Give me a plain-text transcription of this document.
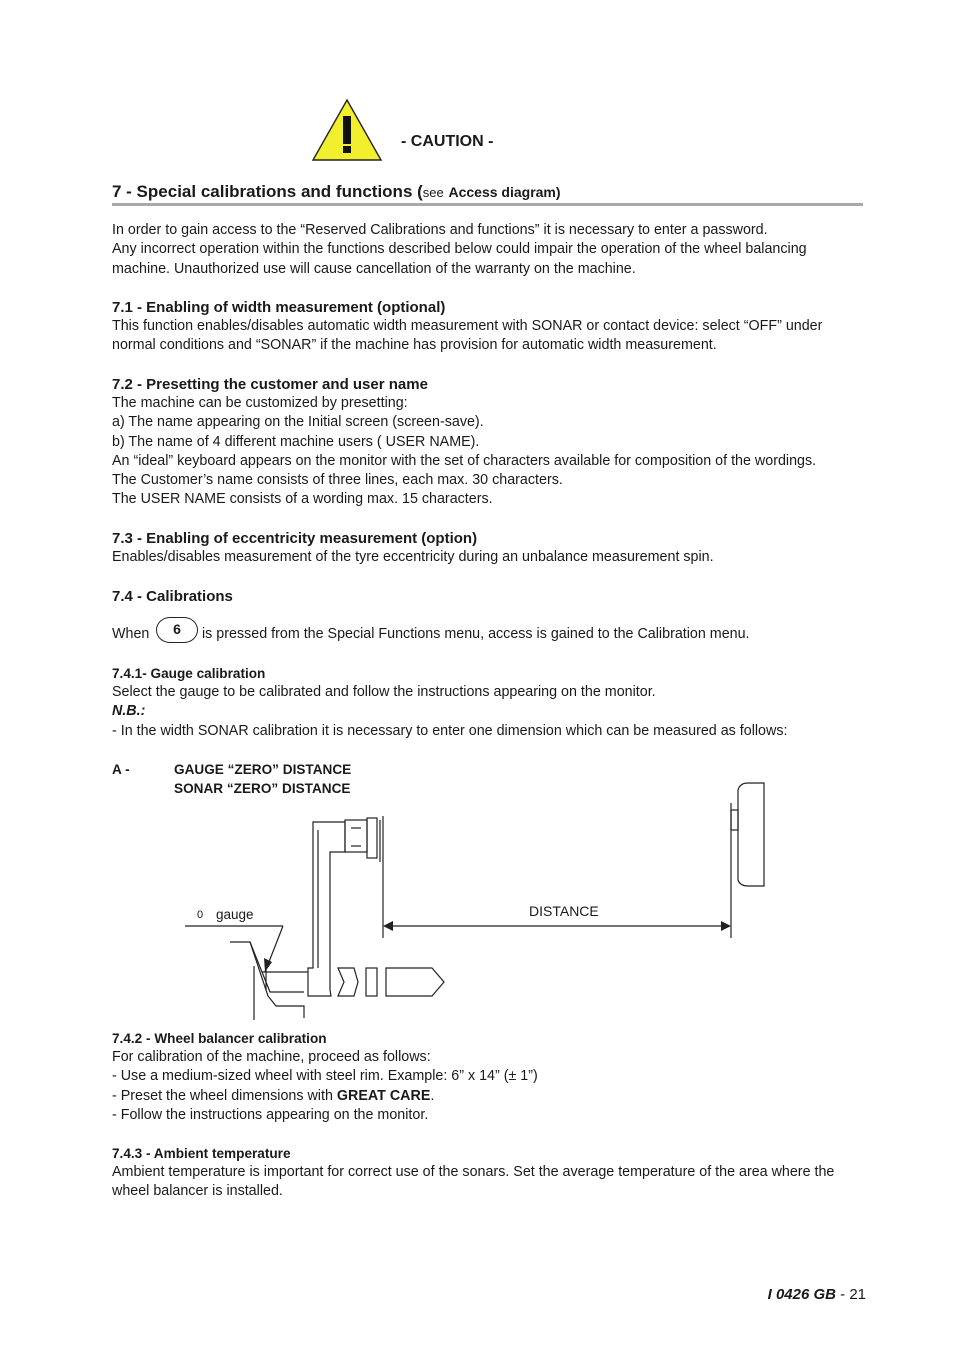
- CAUTION -
7 - Special calibrations and functions (see Access diagram)

In order to gain access to the “Reserved Calibrations and functions” it is necessary to enter a password.

Any incorrect operation within the functions described below could impair the operation of the wheel balancing

machine. Unauthorized use will cause cancellation of the warranty on the machine.

7.1 - Enabling of width measurement (optional)

This function enables/disables automatic width measurement with SONAR or contact device: select “OFF” under

normal conditions and “SONAR” if the machine has provision for automatic width measurement.

7.2 - Presetting the customer and user name

The machine can be customized by presetting:

a) The name appearing on the Initial screen (screen-save).

b) The name of 4 different machine users ( USER NAME).

An “ideal” keyboard appears on the monitor with the set of characters available for composition of the wordings.

The Customer’s name consists of three lines, each max. 30 characters.

The USER NAME consists of a wording max. 15 characters.

7.3 - Enabling of eccentricity measurement (option)

Enables/disables measurement of the tyre eccentricity during an unbalance measurement spin.

7.4 - Calibrations

When	6	is pressed from the Special Functions menu, access is gained to the Calibration menu.

7.4.1- Gauge calibration

Select the gauge to be calibrated and follow the instructions appearing on the monitor.

N.B.:

- In the width SONAR calibration it is necessary to enter one dimension which can be measured as follows:

A -	GAUGE “ZERO” DISTANCE
SONAR “ZERO” DISTANCE
0 gauge	DISTANCE

7.4.2 - Wheel balancer calibration

For calibration of the machine, proceed as follows:

- Use a medium-sized wheel with steel rim. Example: 6” x 14” (± 1”)

- Preset the wheel dimensions with GREAT CARE.

- Follow the instructions appearing on the monitor.

7.4.3 - Ambient temperature

Ambient temperature is important for correct use of the sonars. Set the average temperature of the area where the

wheel balancer is installed.

I 0426 GB - 21
